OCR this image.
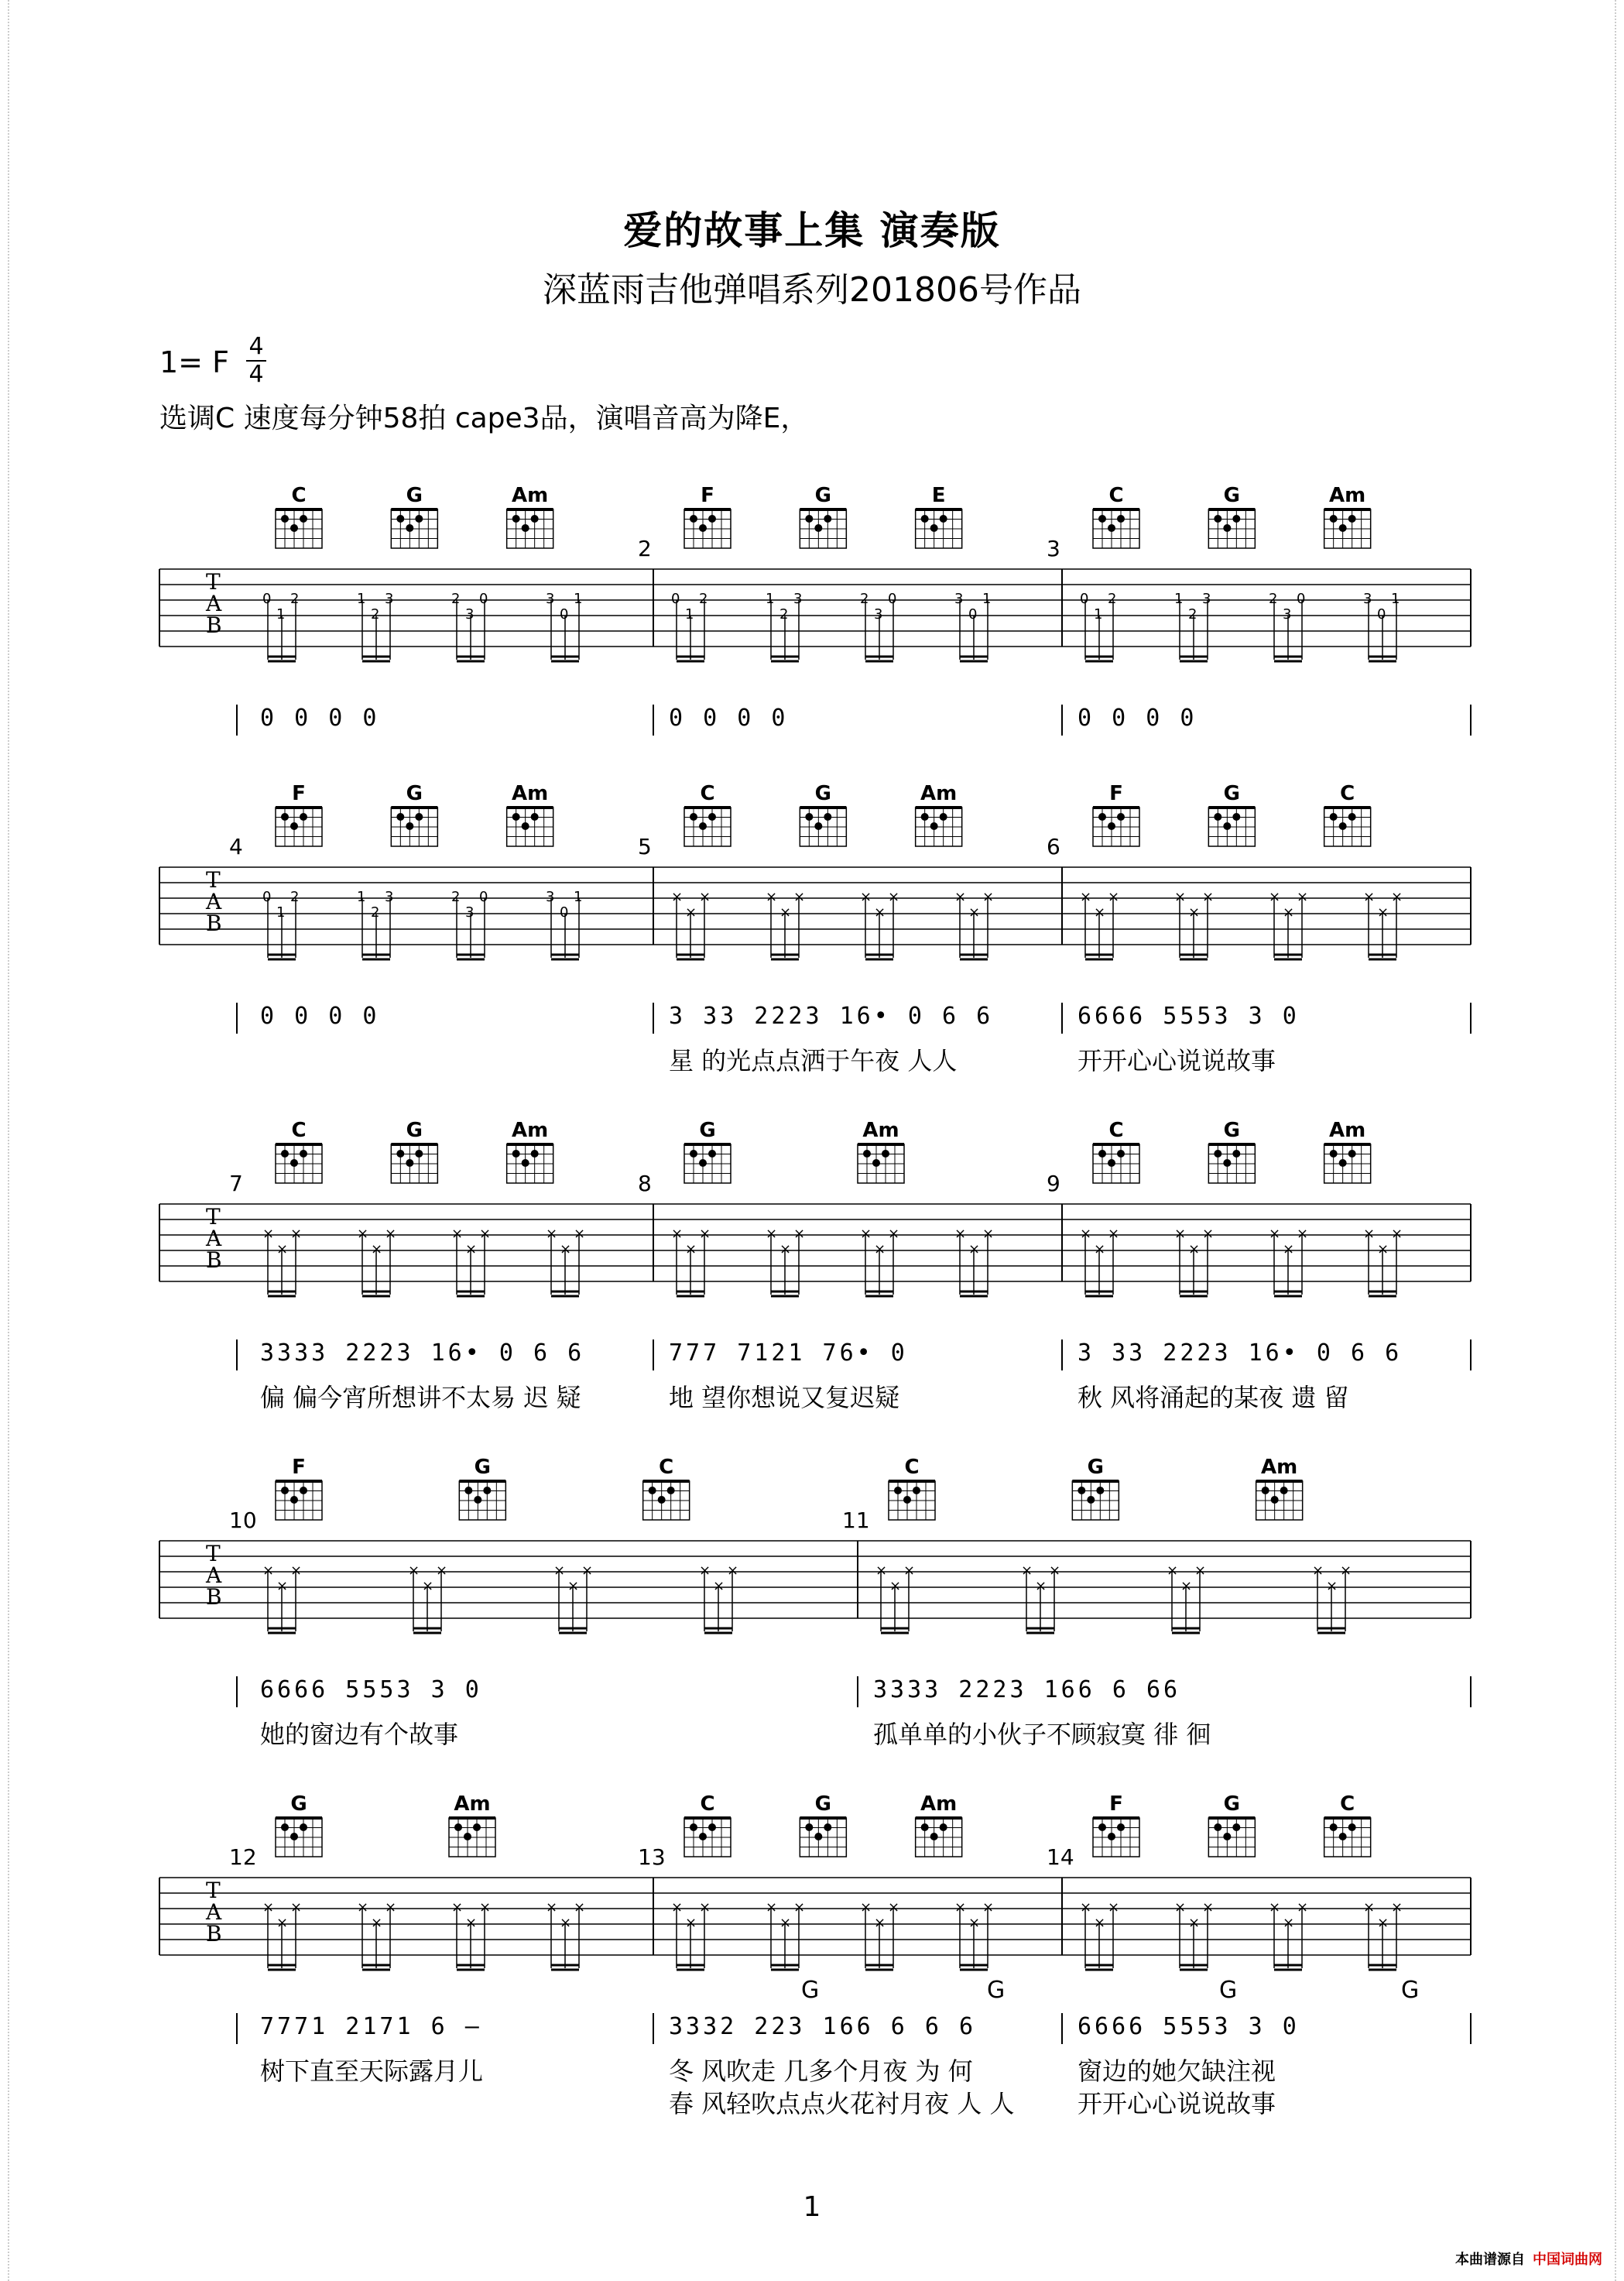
爱的故事上集 演奏版
深蓝雨吉他弹唱系列201806号作品
1= F 4
4
选调C 速度每分钟58拍 cape3品，演唱音高为降E，
T
A
B
C	G	Am
0
1
2	1
2
3	2
3
0	3
0
1
2
F	G	E
0
1
2	1
2
3	2
3
0	3
0
1
3
C	G	Am
0
1
2	1
2
3	2
3
0	3
0
1
0 0 0 0	0 0 0 0	0 0 0 0
T
A
B
4
F	G	Am
0
1
2	1
2
3	2
3
0	3
0
1
5
C	G	Am
×
×
×	×
×
×	×
×
×	×
×
×
6
F	G	C
×
×
×	×
×
×	×
×
×	×
×
×
0 0 0 0	3 33 2223 16• 0 6 6
星 的光点点洒于午夜 人人
6666 5553 3 0
开开心心说说故事
T
A
B
7
C	G	Am
×
×
×	×
×
×	×
×
×	×
×
×
8
G	Am
×
×
×	×
×
×	×
×
×	×
×
×
9
C	G	Am
×
×
×	×
×
×	×
×
×	×
×
×
3333 2223 16• 0 6 6
偏 偏今宵所想讲不太易 迟 疑
777 7121 76• 0
地 望你想说又复迟疑
3 33 2223 16• 0 6 6
秋 风将涌起的某夜 遗 留
T
A
B
10
F	G	C
×
×
×	×
×
×	×
×
×	×
×
×
11
C	G	Am
×
×
×	×
×
×	×
×
×	×
×
×
6666 5553 3 0
她的窗边有个故事
3333 2223 166 6 66
孤单单的小伙子不顾寂寞 徘 徊
T
A
B
12
G	Am
×
×
×	×
×
×	×
×
×	×
×
×
13
C	G	Am
×
×
×	×
×
×	×
×
×	×
×
×
14
F	G	C
×
×
×	×
×
×	×
×
×	×
×
×
G	G	G	G
7771 2171 6 –
树下直至天际露月儿
3332 223 166 6 6 6
冬 风吹走 几多个月夜 为 何
春 风轻吹点点火花衬月夜 人 人
6666 5553 3 0
窗边的她欠缺注视
开开心心说说故事
1
本曲谱源自 中国词曲网
